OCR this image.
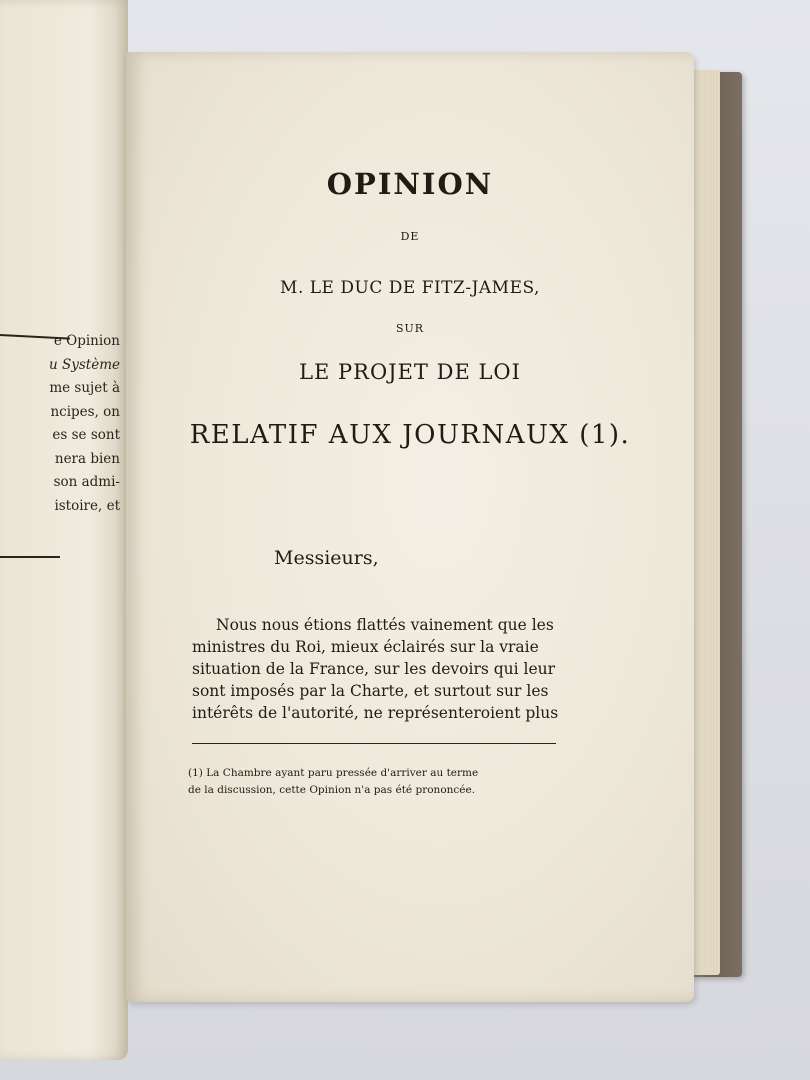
e Opinion
u Système
me sujet à
ncipes, on
es se sont
nera bien
son admi-
istoire, et
OPINION
DE
M. LE DUC DE FITZ-JAMES,
SUR
LE PROJET DE LOI
RELATIF AUX JOURNAUX (1).
Messieurs,
Nous nous étions flattés vainement que les
ministres du Roi, mieux éclairés sur la vraie
situation de la France, sur les devoirs qui leur
sont imposés par la Charte, et surtout sur les
intérêts de l'autorité, ne représenteroient plus
(1) La Chambre ayant paru pressée d'arriver au terme
de la discussion, cette Opinion n'a pas été prononcée.
